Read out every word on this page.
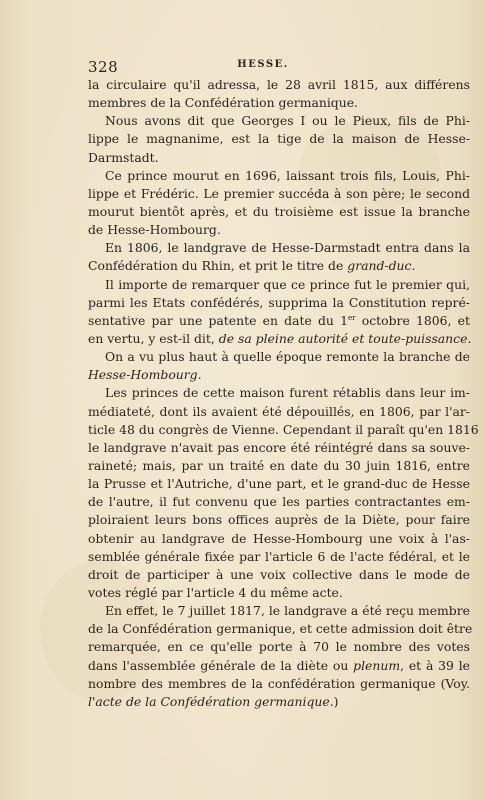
328	HESSE.
la circulaire qu'il adressa, le 28 avril 1815, aux différens
membres de la Confédération germanique.
Nous avons dit que Georges I ou le Pieux, fils de Phi-
lippe le magnanime, est la tige de la maison de Hesse-
Darmstadt.
Ce prince mourut en 1696, laissant trois fils, Louis, Phi-
lippe et Frédéric. Le premier succéda à son père; le second
mourut bientôt après, et du troisième est issue la branche
de Hesse-Hombourg.
En 1806, le landgrave de Hesse-Darmstadt entra dans la
Confédération du Rhin, et prit le titre de grand-duc.
Il importe de remarquer que ce prince fut le premier qui,
parmi les Etats confédérés, supprima la Constitution repré-
sentative par une patente en date du 1er octobre 1806, et
en vertu, y est-il dit, de sa pleine autorité et toute-puissance.
On a vu plus haut à quelle époque remonte la branche de
Hesse-Hombourg.
Les princes de cette maison furent rétablis dans leur im-
médiateté, dont ils avaient été dépouillés, en 1806, par l'ar-
ticle 48 du congrès de Vienne. Cependant il paraît qu'en 1816
le landgrave n'avait pas encore été réintégré dans sa souve-
raineté; mais, par un traité en date du 30 juin 1816, entre
la Prusse et l'Autriche, d'une part, et le grand-duc de Hesse
de l'autre, il fut convenu que les parties contractantes em-
ploiraient leurs bons offices auprès de la Diète, pour faire
obtenir au landgrave de Hesse-Hombourg une voix à l'as-
semblée générale fixée par l'article 6 de l'acte fédéral, et le
droit de participer à une voix collective dans le mode de
votes réglé par l'article 4 du même acte.
En effet, le 7 juillet 1817, le landgrave a été reçu membre
de la Confédération germanique, et cette admission doit être
remarquée, en ce qu'elle porte à 70 le nombre des votes
dans l'assemblée générale de la diète ou plenum, et à 39 le
nombre des membres de la confédération germanique (Voy.
l'acte de la Confédération germanique.)
